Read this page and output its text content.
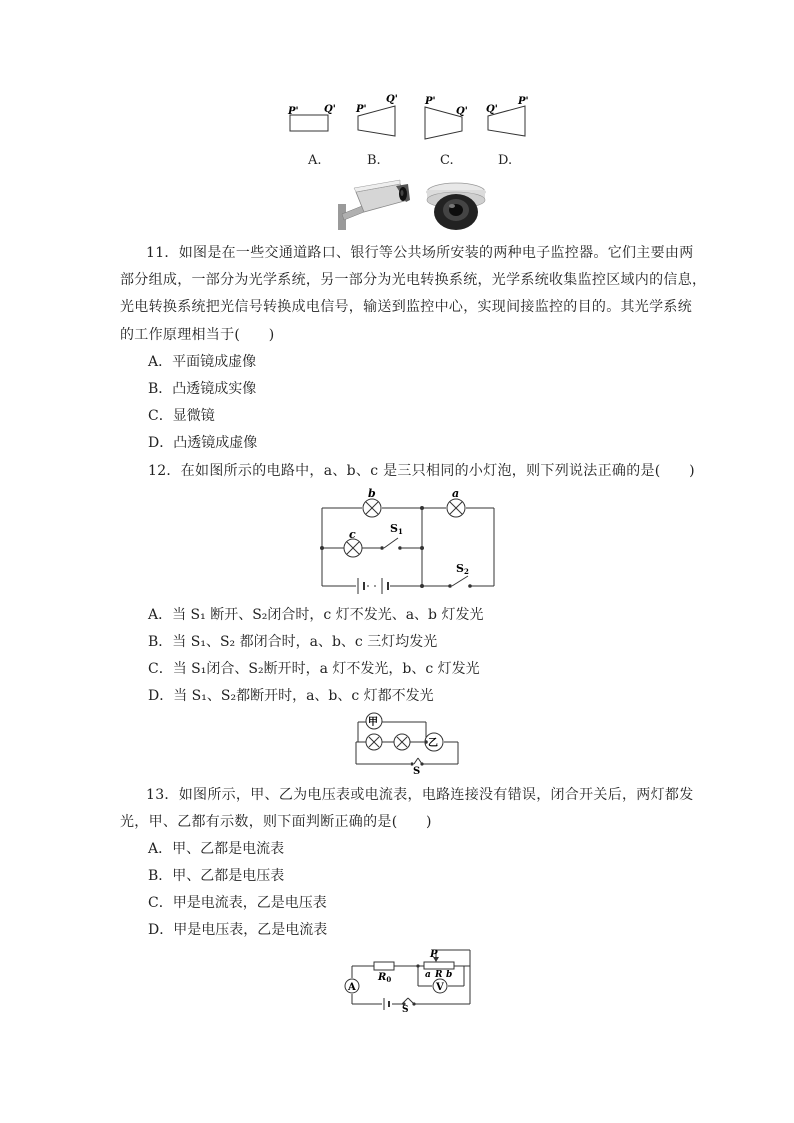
P'	Q' P'
Q'	P'
Q' Q'
P'
A.	B.	C.	D.
11．如图是在一些交通道路口、银行等公共场所安装的两种电子监控器。它们主要由两
部分组成，一部分为光学系统，另一部分为光电转换系统，光学系统收集监控区域内的信息，
光电转换系统把光信号转换成电信号，输送到监控中心，实现间接监控的目的。其光学系统
的工作原理相当于(　　)
A．平面镜成虚像
B．凸透镜成实像
C．显微镜
D．凸透镜成虚像
12．在如图所示的电路中，a、b、c 是三只相同的小灯泡，则下列说法正确的是(　　)
b	a
c	S1
S2
A．当 S₁ 断开、S₂闭合时，c 灯不发光、a、b 灯发光
B．当 S₁、S₂ 都闭合时，a、b、c 三灯均发光
C．当 S₁闭合、S₂断开时，a 灯不发光，b、c 灯发光
D．当 S₁、S₂都断开时，a、b、c 灯都不发光
甲
乙
S
13．如图所示，甲、乙为电压表或电流表，电路连接没有错误，闭合开关后，两灯都发
光，甲、乙都有示数，则下面判断正确的是(　　)
A．甲、乙都是电流表
B．甲、乙都是电压表
C．甲是电流表，乙是电压表
D．甲是电压表，乙是电流表
A	V
P
a R b
$R_0$
S
